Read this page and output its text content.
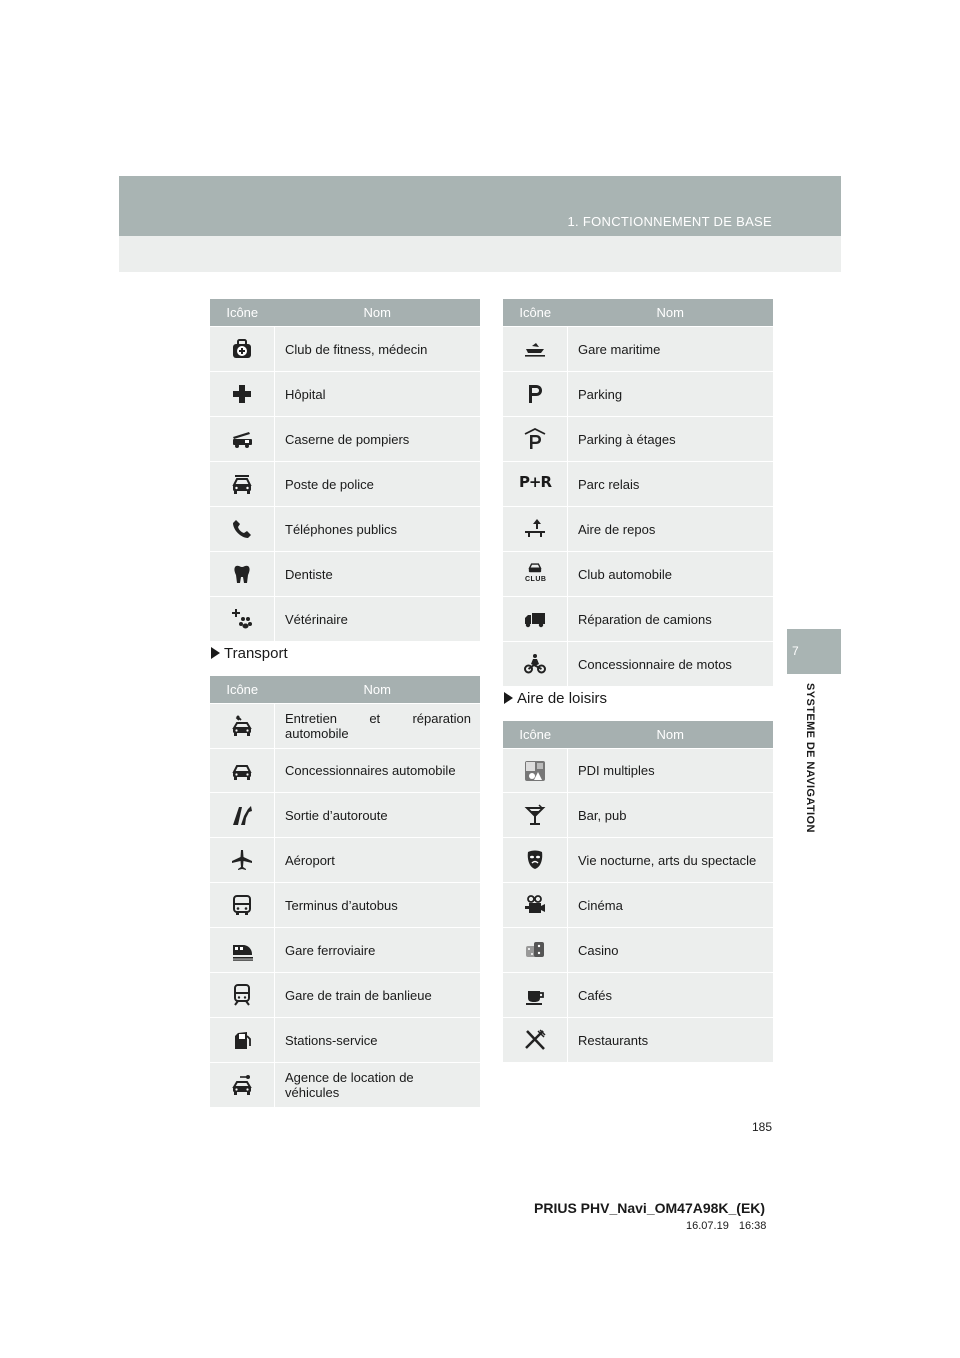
1. FONCTIONNEMENT DE BASE
7
SYSTEME DE NAVIGATION
Icône	Nom
	Club de fitness, médecin
	Hôpital
	Caserne de pompiers
	Poste de police
	Téléphones publics
	Dentiste
	Vétérinaire
Transport
Icône	Nom
	Entretien et réparation automobile
	Concessionnaires automobile
	Sortie d’autoroute
	Aéroport
	Terminus d’autobus
	Gare ferroviaire
	Gare de train de banlieue
	Stations-service
	Agence de location de véhicules
Icône	Nom
	Gare maritime
	Parking
	Parking à étages
P+R	Parc relais
	Aire de repos

CLUB	Club automobile
	Réparation de camions
	Concessionnaire de motos
Aire de loisirs
Icône	Nom
	PDI multiples
	Bar, pub
	Vie nocturne, arts du spectacle
	Cinéma
	Casino
	Cafés
	Restaurants
185
PRIUS PHV_Navi_OM47A98K_(EK)
16.07.19 16:38
